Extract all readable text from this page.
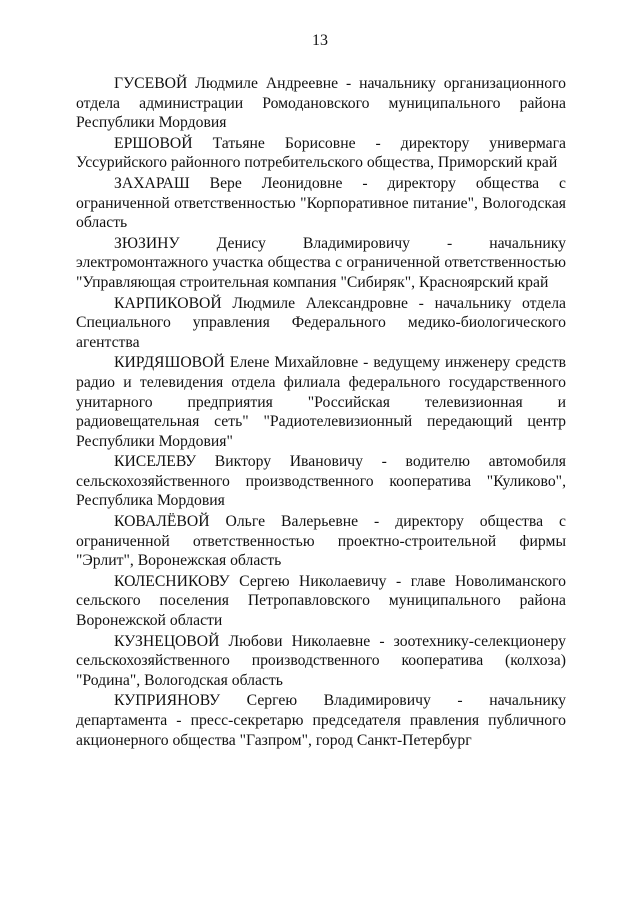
13

ГУСЕВОЙ Людмиле Андреевне - начальнику организационного отдела администрации Ромодановского муниципального района Республики Мордовия

ЕРШОВОЙ Татьяне Борисовне - директору универмага Уссурийского районного потребительского общества, Приморский край

ЗАХАРАШ Вере Леонидовне - директору общества с ограниченной ответственностью "Корпоративное питание", Вологодская область

ЗЮЗИНУ Денису Владимировичу - начальнику электромонтажного участка общества с ограниченной ответственностью "Управляющая строительная компания "Сибиряк", Красноярский край

КАРПИКОВОЙ Людмиле Александровне - начальнику отдела Специального управления Федерального медико-биологического агентства

КИРДЯШОВОЙ Елене Михайловне - ведущему инженеру средств радио и телевидения отдела филиала федерального государственного унитарного предприятия "Российская телевизионная и радиовещательная сеть" "Радиотелевизионный передающий центр Республики Мордовия"

КИСЕЛЕВУ Виктору Ивановичу - водителю автомобиля сельскохозяйственного производственного кооператива "Куликово", Республика Мордовия

КОВАЛЁВОЙ Ольге Валерьевне - директору общества с ограниченной ответственностью проектно-строительной фирмы "Эрлит", Воронежская область

КОЛЕСНИКОВУ Сергею Николаевичу - главе Новолиманского сельского поселения Петропавловского муниципального района Воронежской области

КУЗНЕЦОВОЙ Любови Николаевне - зоотехнику-селекционеру сельскохозяйственного производственного кооператива (колхоза) "Родина", Вологодская область

КУПРИЯНОВУ Сергею Владимировичу - начальнику департамента - пресс-секретарю председателя правления публичного акционерного общества "Газпром", город Санкт-Петербург
